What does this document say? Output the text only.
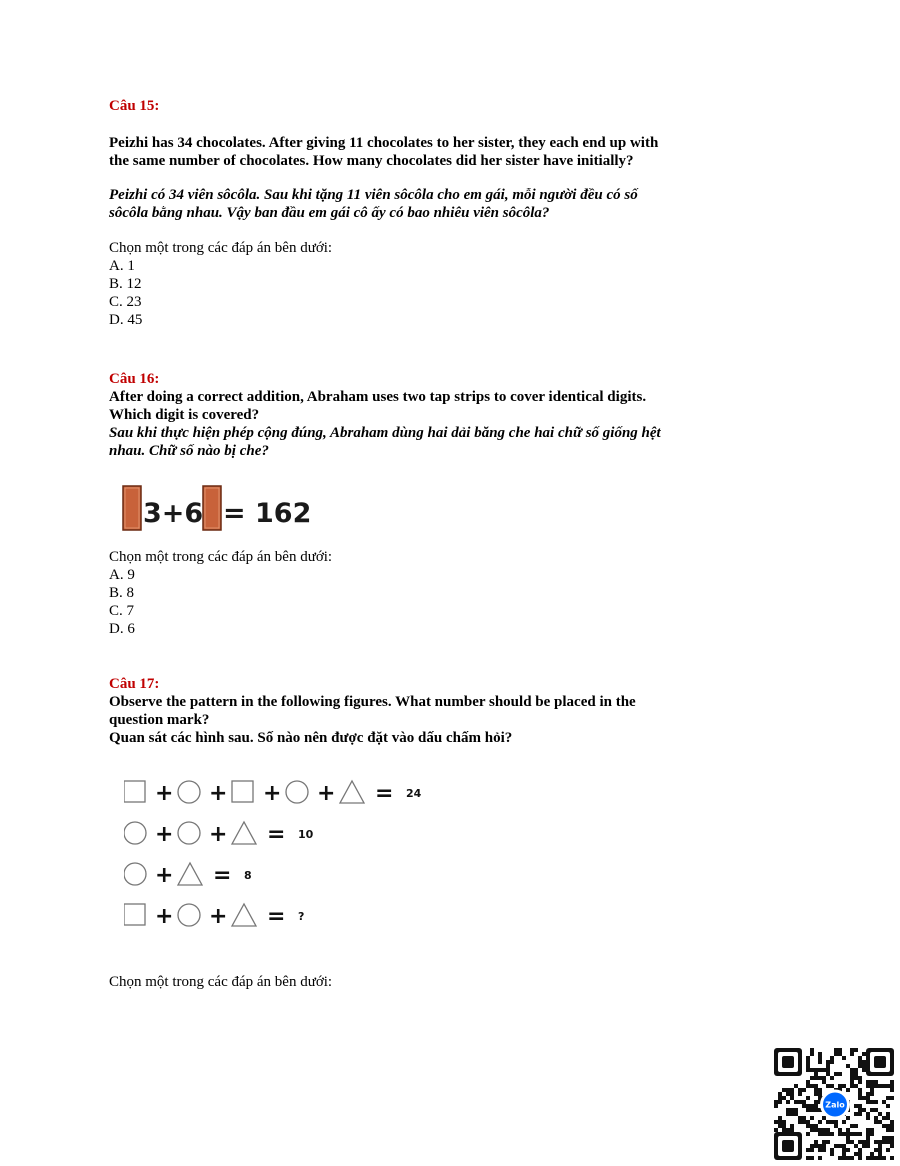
Câu 15:
Peizhi has 34 chocolates. After giving 11 chocolates to her sister, they each end up with
the same number of chocolates. How many chocolates did her sister have initially?
Peizhi có 34 viên sôcôla. Sau khi tặng 11 viên sôcôla cho em gái, mỗi người đều có số
sôcôla bằng nhau. Vậy ban đầu em gái cô ấy có bao nhiêu viên sôcôla?
Chọn một trong các đáp án bên dưới:
A. 1
B. 12
C. 23
D. 45
Câu 16:
After doing a correct addition, Abraham uses two tap strips to cover identical digits.
Which digit is covered?
Sau khi thực hiện phép cộng đúng, Abraham dùng hai dải băng che hai chữ số giống hệt
nhau. Chữ số nào bị che?
3+6 = 162
Chọn một trong các đáp án bên dưới:
A. 9
B. 8
C. 7
D. 6
Câu 17:
Observe the pattern in the following figures. What number should be placed in the
question mark?
Quan sát các hình sau. Số nào nên được đặt vào dấu chấm hỏi?
+ + + + = 24
+ + = 10
+ = 8
+ + = ?
Chọn một trong các đáp án bên dưới:
Zalo
